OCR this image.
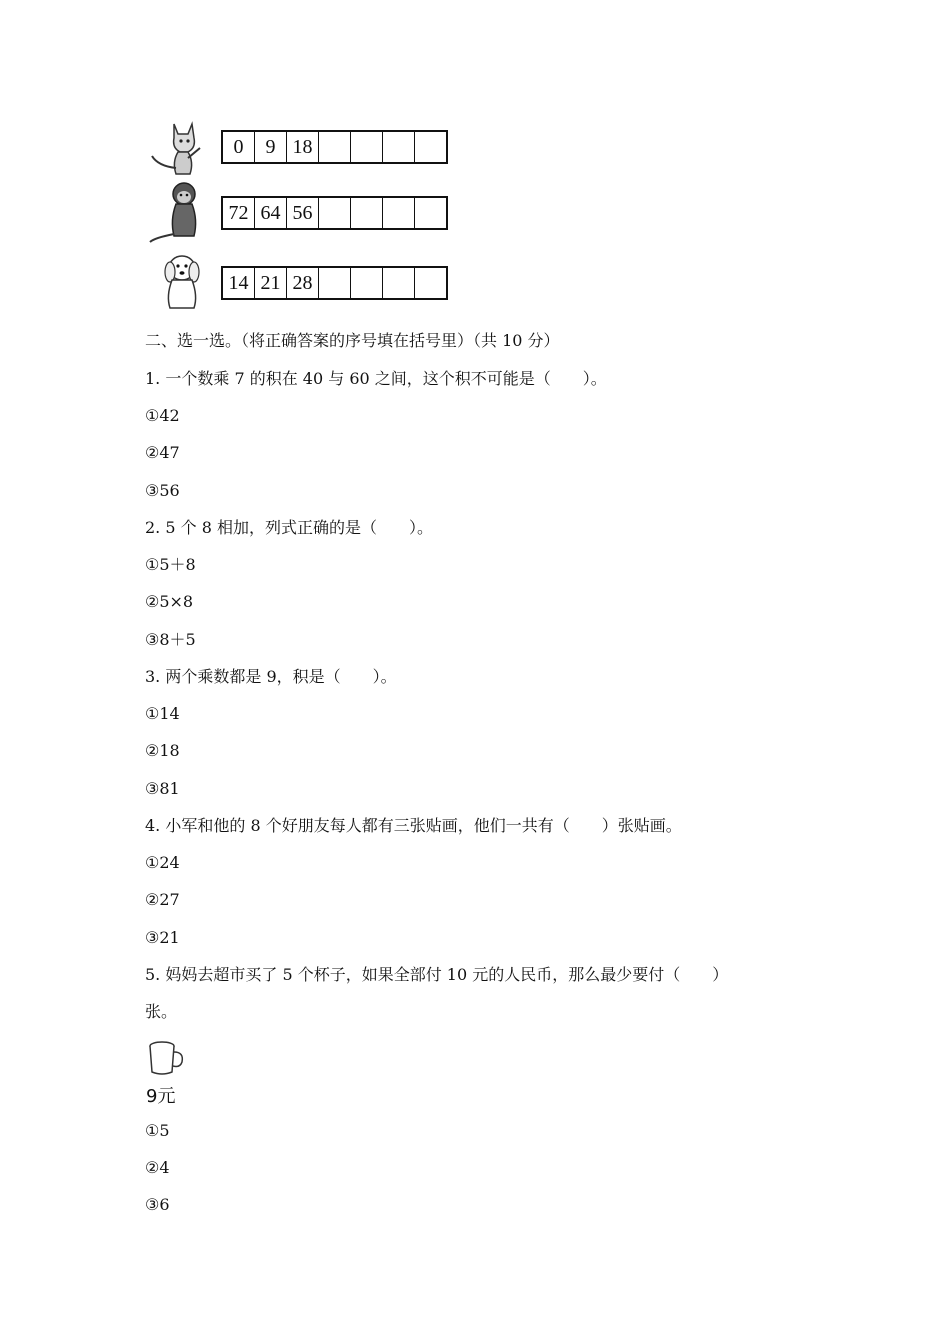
0	9 18
72 64 56
14 21 28
二、选一选。（将正确答案的序号填在括号里）（共 10 分）
1. 一个数乘 7 的积在 40 与 60 之间，这个积不可能是（　　）。
①42
②47
③56
2. 5 个 8 相加，列式正确的是（　　）。
①5＋8
②5×8
③8＋5
3. 两个乘数都是 9，积是（　　）。
①14
②18
③81
4. 小军和他的 8 个好朋友每人都有三张贴画，他们一共有（　　）张贴画。
①24
②27
③21
5. 妈妈去超市买了 5 个杯子，如果全部付 10 元的人民币，那么最少要付（　　）
张。
9元
①5
②4
③6
